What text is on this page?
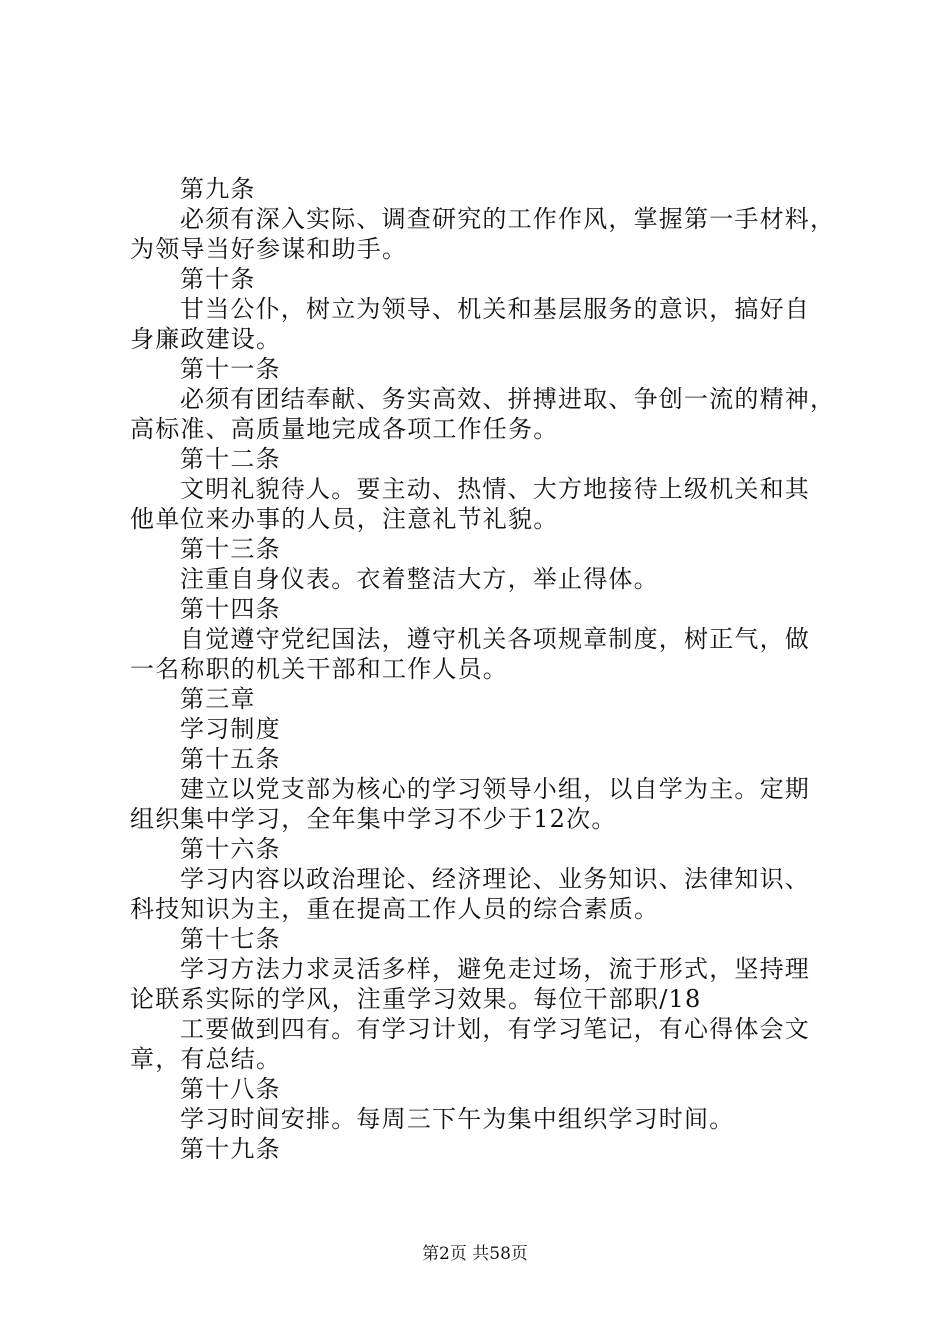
第九条
必须有深入实际、调查研究的工作作风，掌握第一手材料，
为领导当好参谋和助手。
第十条
甘当公仆，树立为领导、机关和基层服务的意识，搞好自
身廉政建设。
第十一条
必须有团结奉献、务实高效、拼搏进取、争创一流的精神，
高标准、高质量地完成各项工作任务。
第十二条
文明礼貌待人。要主动、热情、大方地接待上级机关和其
他单位来办事的人员，注意礼节礼貌。
第十三条
注重自身仪表。衣着整洁大方，举止得体。
第十四条
自觉遵守党纪国法，遵守机关各项规章制度，树正气，做
一名称职的机关干部和工作人员。
第三章
学习制度
第十五条
建立以党支部为核心的学习领导小组，以自学为主。定期
组织集中学习，全年集中学习不少于12次。
第十六条
学习内容以政治理论、经济理论、业务知识、法律知识、
科技知识为主，重在提高工作人员的综合素质。
第十七条
学习方法力求灵活多样，避免走过场，流于形式，坚持理
论联系实际的学风，注重学习效果。每位干部职/18
工要做到四有。有学习计划，有学习笔记，有心得体会文
章，有总结。
第十八条
学习时间安排。每周三下午为集中组织学习时间。
第十九条
第2页 共58页
